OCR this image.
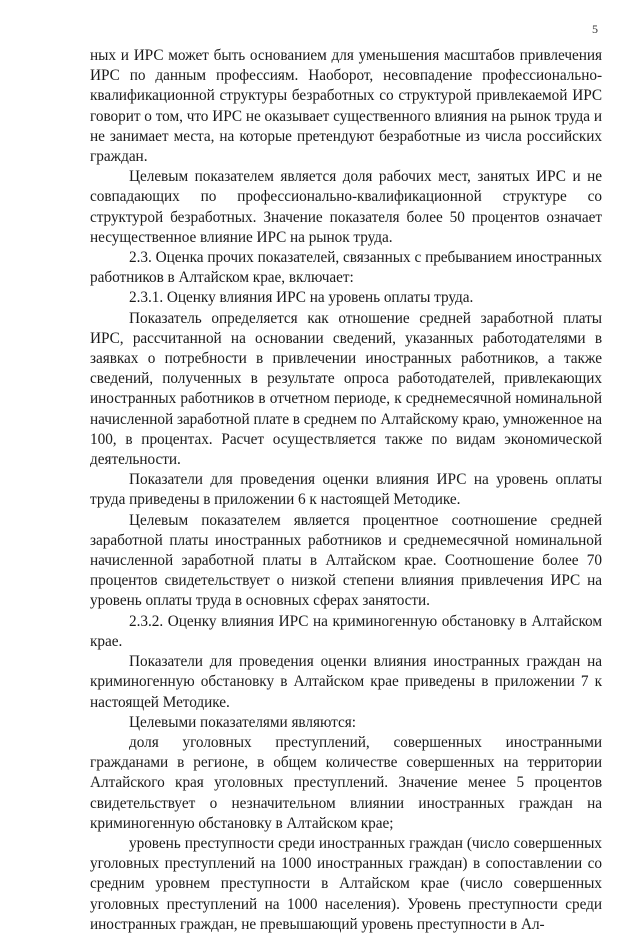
5

ных и ИРС может быть основанием для уменьшения масштабов привлечения ИРС по данным профессиям. Наоборот, несовпадение профессионально-квалификационной структуры безработных со структурой привлекаемой ИРС говорит о том, что ИРС не оказывает существенного влияния на рынок труда и не занимает места, на которые претендуют безработные из числа российских граждан.

Целевым показателем является доля рабочих мест, занятых ИРС и не совпадающих по профессионально-квалификационной структуре со структурой безработных. Значение показателя более 50 процентов означает несущественное влияние ИРС на рынок труда.

2.3. Оценка прочих показателей, связанных с пребыванием иностранных работников в Алтайском крае, включает:

2.3.1. Оценку влияния ИРС на уровень оплаты труда.

Показатель определяется как отношение средней заработной платы ИРС, рассчитанной на основании сведений, указанных работодателями в заявках о потребности в привлечении иностранных работников, а также сведений, полученных в результате опроса работодателей, привлекающих иностранных работников в отчетном периоде, к среднемесячной номинальной начисленной заработной плате в среднем по Алтайскому краю, умноженное на 100, в процентах. Расчет осуществляется также по видам экономической деятельности.

Показатели для проведения оценки влияния ИРС на уровень оплаты труда приведены в приложении 6 к настоящей Методике.

Целевым показателем является процентное соотношение средней заработной платы иностранных работников и среднемесячной номинальной начисленной заработной платы в Алтайском крае. Соотношение более 70 процентов свидетельствует о низкой степени влияния привлечения ИРС на уровень оплаты труда в основных сферах занятости.

2.3.2. Оценку влияния ИРС на криминогенную обстановку в Алтайском крае.

Показатели для проведения оценки влияния иностранных граждан на криминогенную обстановку в Алтайском крае приведены в приложении 7 к настоящей Методике.

Целевыми показателями являются:

доля уголовных преступлений, совершенных иностранными гражданами в регионе, в общем количестве совершенных на территории Алтайского края уголовных преступлений. Значение менее 5 процентов свидетельствует о незначительном влиянии иностранных граждан на криминогенную обстановку в Алтайском крае;

уровень преступности среди иностранных граждан (число совершенных уголовных преступлений на 1000 иностранных граждан) в сопоставлении со средним уровнем преступности в Алтайском крае (число совершенных уголовных преступлений на 1000 населения). Уровень преступности среди иностранных граждан, не превышающий уровень преступности в Ал-
